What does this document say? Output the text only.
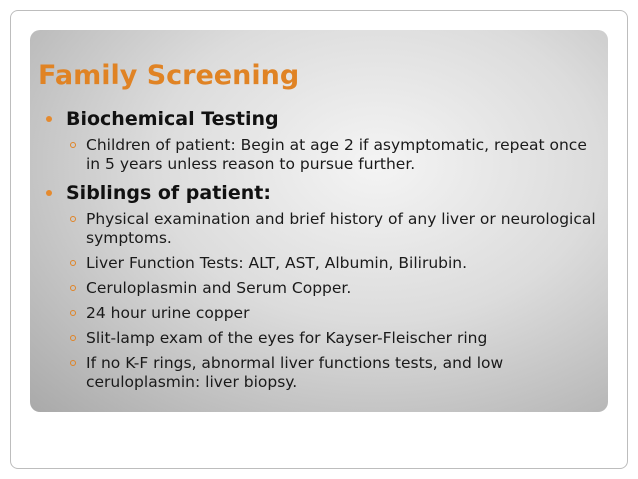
Family Screening
Biochemical Testing
Children of patient: Begin at age 2 if asymptomatic, repeat once in 5 years unless reason to pursue further.
Siblings of patient:
Physical examination and brief history of any liver or neurological symptoms.
Liver Function Tests: ALT, AST, Albumin, Bilirubin.
Ceruloplasmin and Serum Copper.
24 hour urine copper
Slit-lamp exam of the eyes for Kayser-Fleischer ring
If no K-F rings, abnormal liver functions tests, and low ceruloplasmin: liver biopsy.
